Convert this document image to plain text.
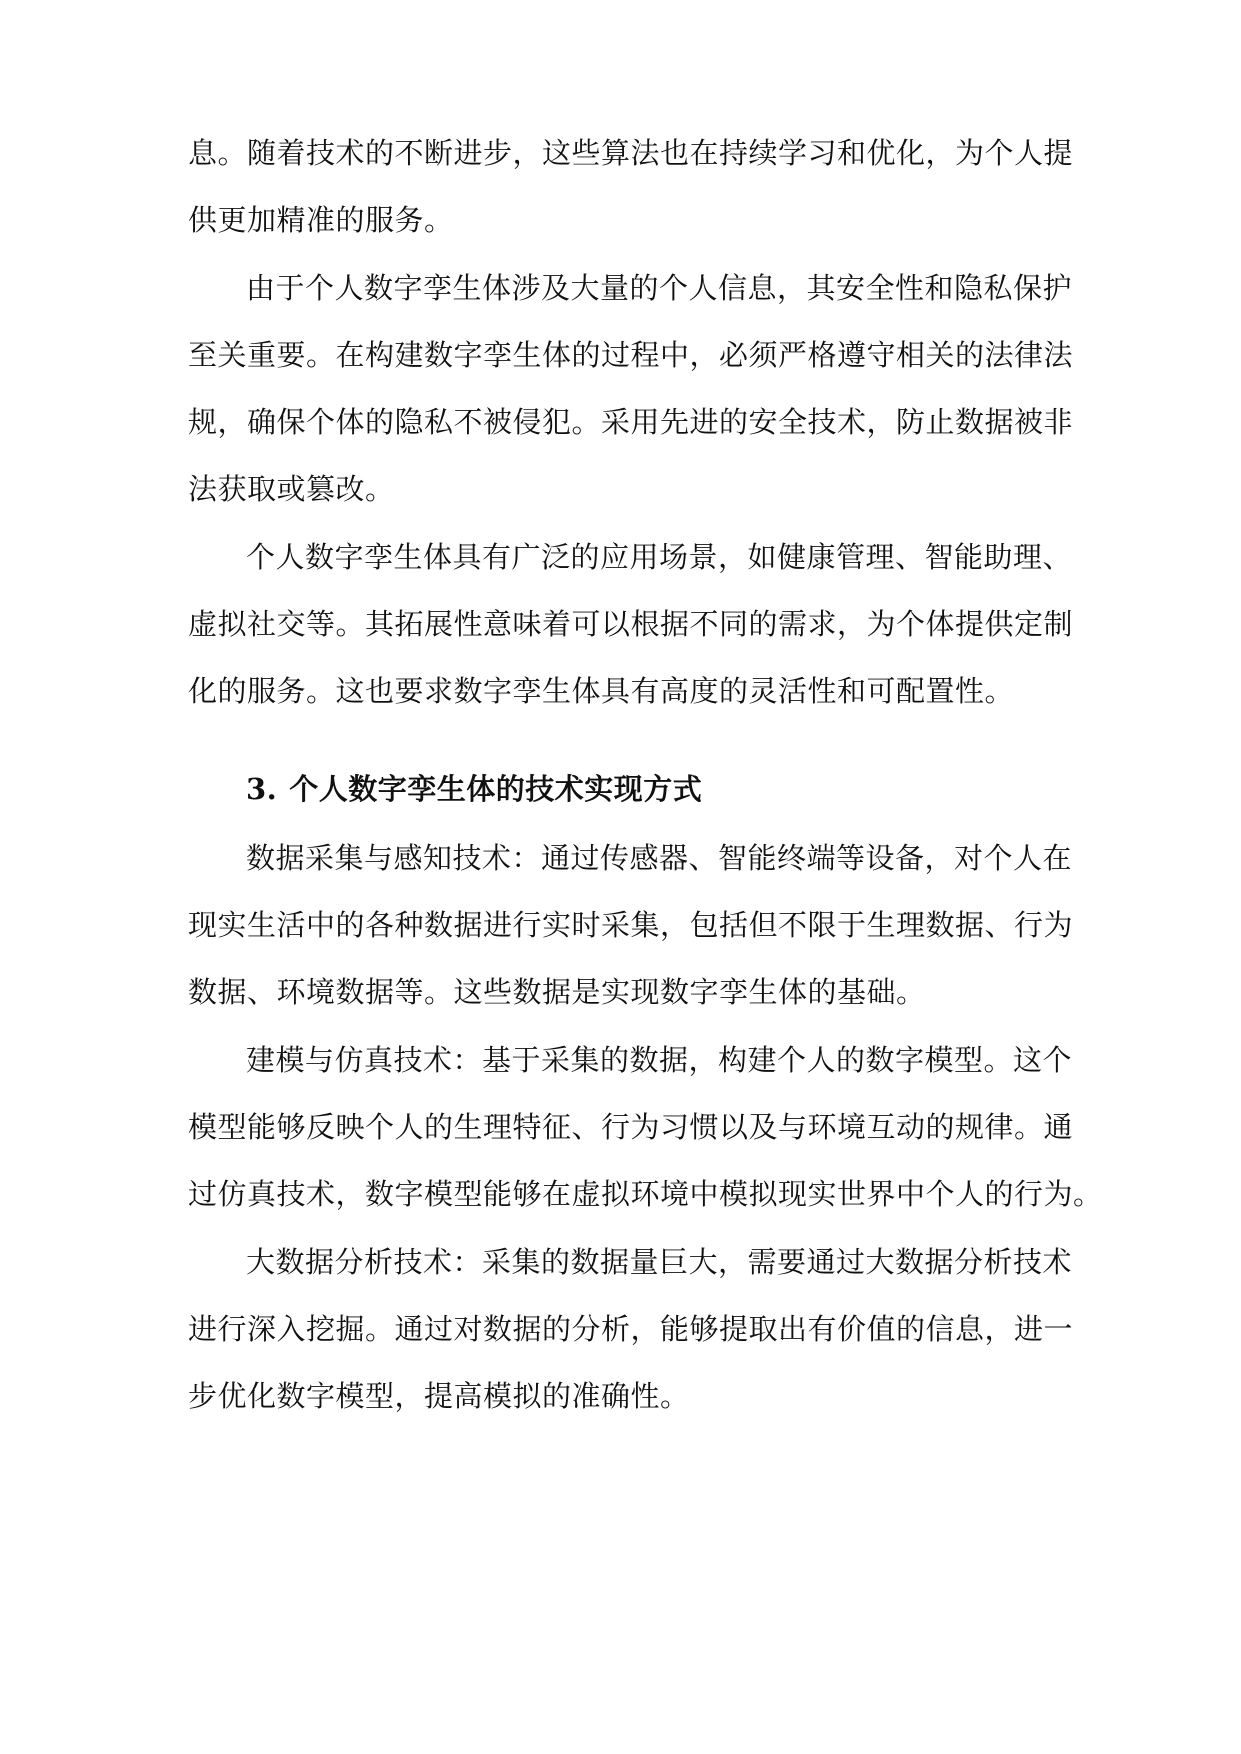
息。随着技术的不断进步，这些算法也在持续学习和优化，为个人提
供更加精准的服务。
由于个人数字孪生体涉及大量的个人信息，其安全性和隐私保护
至关重要。在构建数字孪生体的过程中，必须严格遵守相关的法律法
规，确保个体的隐私不被侵犯。采用先进的安全技术，防止数据被非
法获取或篡改。
个人数字孪生体具有广泛的应用场景，如健康管理、智能助理、
虚拟社交等。其拓展性意味着可以根据不同的需求，为个体提供定制
化的服务。这也要求数字孪生体具有高度的灵活性和可配置性。
3. 个人数字孪生体的技术实现方式
数据采集与感知技术：通过传感器、智能终端等设备，对个人在
现实生活中的各种数据进行实时采集，包括但不限于生理数据、行为
数据、环境数据等。这些数据是实现数字孪生体的基础。
建模与仿真技术：基于采集的数据，构建个人的数字模型。这个
模型能够反映个人的生理特征、行为习惯以及与环境互动的规律。通
过仿真技术，数字模型能够在虚拟环境中模拟现实世界中个人的行为。
大数据分析技术：采集的数据量巨大，需要通过大数据分析技术
进行深入挖掘。通过对数据的分析，能够提取出有价值的信息，进一
步优化数字模型，提高模拟的准确性。
